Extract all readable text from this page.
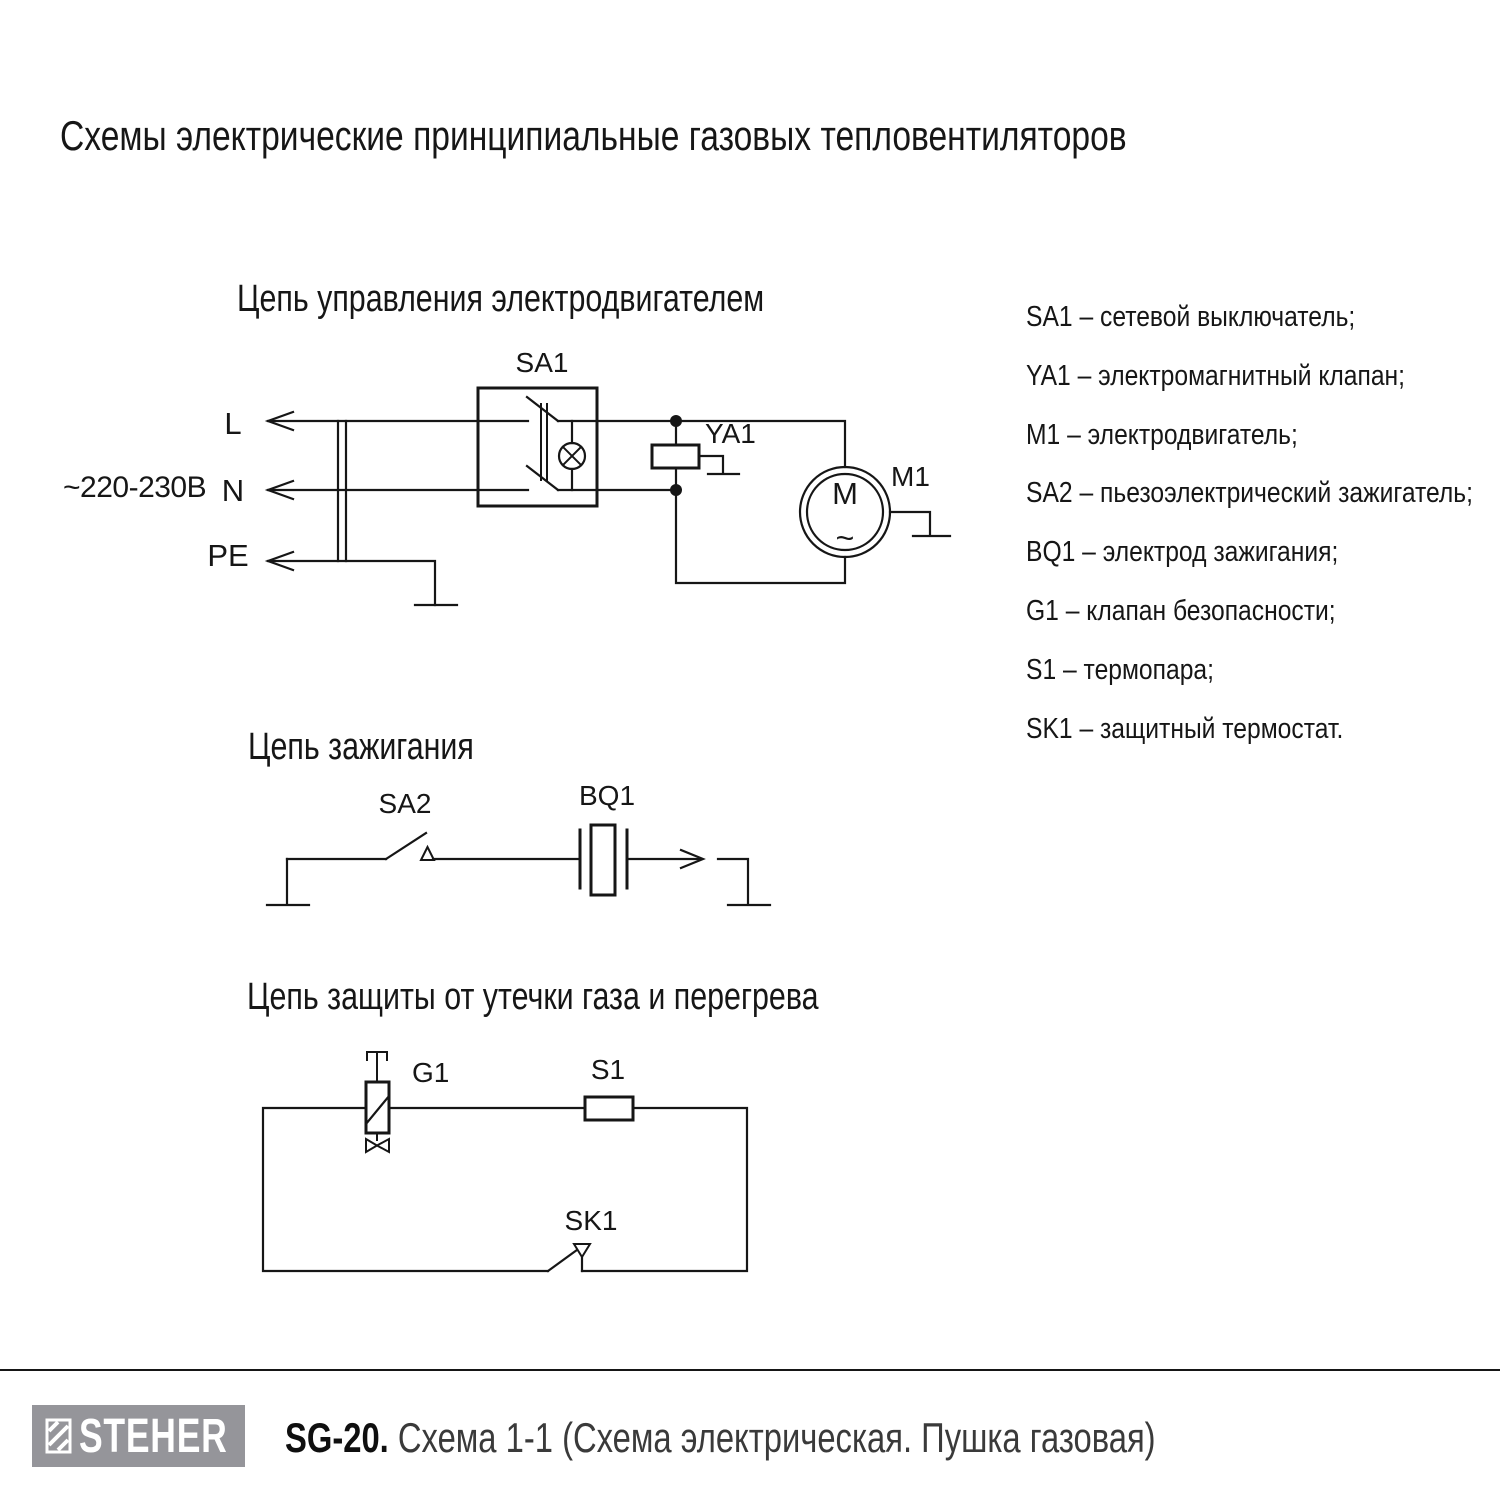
Схемы электрические принципиальные газовых тепловентиляторов
Цепь управления электродвигателем
Цепь зажигания
Цепь защиты от утечки газа и перегрева
M
~
~220-230В
L
N
PE
SA1
YA1
M1
SA2	BQ1
G1	S1
SK1
SA1 – сетевой выключатель;
YA1 – электромагнитный клапан;
M1 – электродвигатель;
SA2 – пьезоэлектрический зажигатель;
BQ1 – электрод зажигания;
G1 – клапан безопасности;
S1 – термопара;
SK1 – защитный термостат.
STEHER SG-20. Схема 1-1 (Схема электрическая. Пушка газовая)
